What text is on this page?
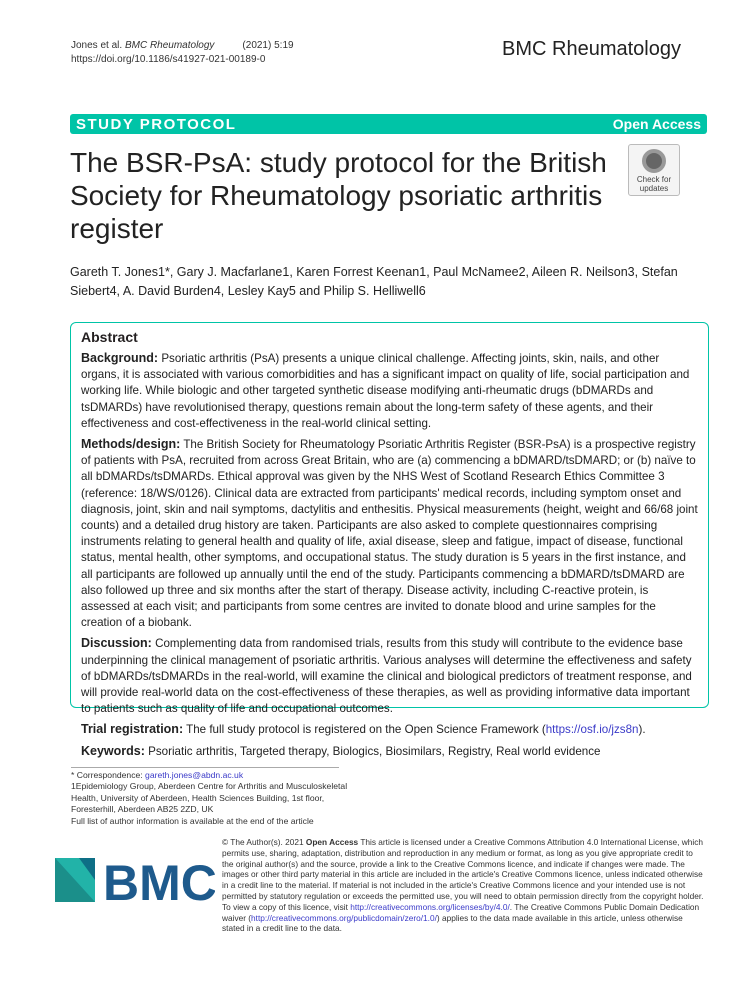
Jones et al. BMC Rheumatology	(2021) 5:19
https://doi.org/10.1186/s41927-021-00189-0	BMC Rheumatology
STUDY PROTOCOL	Open Access
The BSR-PsA: study protocol for the British Society for Rheumatology psoriatic arthritis register
Check for
updates
Gareth T. Jones1*, Gary J. Macfarlane1, Karen Forrest Keenan1, Paul McNamee2, Aileen R. Neilson3, Stefan Siebert4, A. David Burden4, Lesley Kay5 and Philip S. Helliwell6
Abstract

Background: Psoriatic arthritis (PsA) presents a unique clinical challenge. Affecting joints, skin, nails, and other organs, it is associated with various comorbidities and has a significant impact on quality of life, social participation and working life. While biologic and other targeted synthetic disease modifying anti-rheumatic drugs (bDMARDs and tsDMARDs) have revolutionised therapy, questions remain about the long-term safety of these agents, and their effectiveness and cost-effectiveness in the real-world clinical setting.

Methods/design: The British Society for Rheumatology Psoriatic Arthritis Register (BSR-PsA) is a prospective registry of patients with PsA, recruited from across Great Britain, who are (a) commencing a bDMARD/tsDMARD; or (b) naïve to all bDMARDs/tsDMARDs. Ethical approval was given by the NHS West of Scotland Research Ethics Committee 3 (reference: 18/WS/0126). Clinical data are extracted from participants' medical records, including symptom onset and diagnosis, joint, skin and nail symptoms, dactylitis and enthesitis. Physical measurements (height, weight and 66/68 joint counts) and a detailed drug history are taken. Participants are also asked to complete questionnaires comprising instruments relating to general health and quality of life, axial disease, sleep and fatigue, impact of disease, functional status, mental health, other symptoms, and occupational status. The study duration is 5 years in the first instance, and all participants are followed up annually until the end of the study. Participants commencing a bDMARD/tsDMARD are also followed up three and six months after the start of therapy. Disease activity, including C-reactive protein, is assessed at each visit; and participants from some centres are invited to donate blood and urine samples for the creation of a biobank.

Discussion: Complementing data from randomised trials, results from this study will contribute to the evidence base underpinning the clinical management of psoriatic arthritis. Various analyses will determine the effectiveness and safety of bDMARDs/tsDMARDs in the real-world, will examine the clinical and biological predictors of treatment response, and will provide real-world data on the cost-effectiveness of these therapies, as well as providing informative data important to patients such as quality of life and occupational outcomes.

Trial registration: The full study protocol is registered on the Open Science Framework (https://osf.io/jzs8n).

Keywords: Psoriatic arthritis, Targeted therapy, Biologics, Biosimilars, Registry, Real world evidence

* Correspondence: gareth.jones@abdn.ac.uk
1Epidemiology Group, Aberdeen Centre for Arthritis and Musculoskeletal Health, University of Aberdeen, Health Sciences Building, 1st floor, Foresterhill, Aberdeen AB25 2ZD, UK
Full list of author information is available at the end of the article
BMC
© The Author(s). 2021 Open Access This article is licensed under a Creative Commons Attribution 4.0 International License, which permits use, sharing, adaptation, distribution and reproduction in any medium or format, as long as you give appropriate credit to the original author(s) and the source, provide a link to the Creative Commons licence, and indicate if changes were made. The images or other third party material in this article are included in the article's Creative Commons licence, unless indicated otherwise in a credit line to the material. If material is not included in the article's Creative Commons licence and your intended use is not permitted by statutory regulation or exceeds the permitted use, you will need to obtain permission directly from the copyright holder. To view a copy of this licence, visit http://creativecommons.org/licenses/by/4.0/. The Creative Commons Public Domain Dedication waiver (http://creativecommons.org/publicdomain/zero/1.0/) applies to the data made available in this article, unless otherwise stated in a credit line to the data.
